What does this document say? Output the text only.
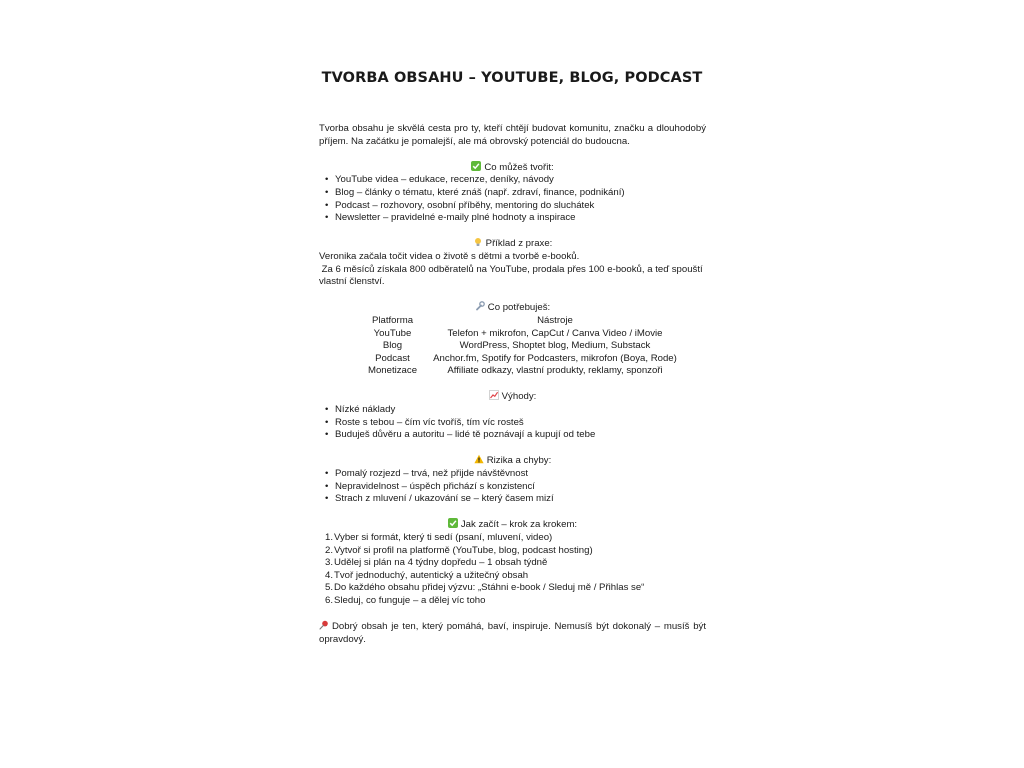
TVORBA OBSAHU – YOUTUBE, BLOG, PODCAST

Tvorba obsahu je skvělá cesta pro ty, kteří chtějí budovat komunitu, značku a dlouhodobý příjem. Na začátku je pomalejší, ale má obrovský potenciál do budoucna.

Co můžeš tvořit:

• YouTube videa – edukace, recenze, deníky, návody
• Blog – články o tématu, které znáš (např. zdraví, finance, podnikání)
• Podcast – rozhovory, osobní příběhy, mentoring do sluchátek
• Newsletter – pravidelné e-maily plné hodnoty a inspirace

Příklad z praxe:

Veronika začala točit videa o životě s dětmi a tvorbě e-booků.

Za 6 měsíců získala 800 odběratelů na YouTube, prodala přes 100 e-booků, a teď spouští vlastní členství.

Co potřebuješ:

Platforma	Nástroje
YouTube	Telefon + mikrofon, CapCut / Canva Video / iMovie
Blog	WordPress, Shoptet blog, Medium, Substack
Podcast	Anchor.fm, Spotify for Podcasters, mikrofon (Boya, Rode)
Monetizace	Affiliate odkazy, vlastní produkty, reklamy, sponzoři

Výhody:

• Nízké náklady
• Roste s tebou – čím víc tvoříš, tím víc rosteš
• Buduješ důvěru a autoritu – lidé tě poznávají a kupují od tebe

Rizika a chyby:

• Pomalý rozjezd – trvá, než přijde návštěvnost
• Nepravidelnost – úspěch přichází s konzistencí
• Strach z mluvení / ukazování se – který časem mizí

Jak začít – krok za krokem:

1. Vyber si formát, který ti sedí (psaní, mluvení, video)
2. Vytvoř si profil na platformě (YouTube, blog, podcast hosting)
3. Udělej si plán na 4 týdny dopředu – 1 obsah týdně
4. Tvoř jednoduchý, autentický a užitečný obsah
5. Do každého obsahu přidej výzvu: „Stáhni e-book / Sleduj mě / Přihlas se“
6. Sleduj, co funguje – a dělej víc toho

Dobrý obsah je ten, který pomáhá, baví, inspiruje. Nemusíš být dokonalý – musíš být opravdový.
